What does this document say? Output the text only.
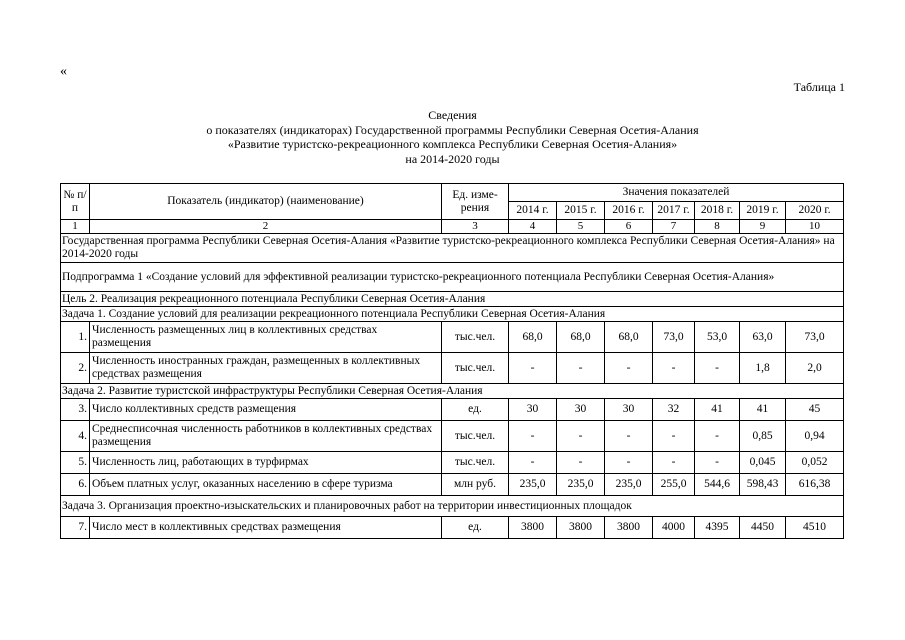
«
Таблица 1
Сведения
о показателях (индикаторах) Государственной программы Республики Северная Осетия-Алания
«Развитие туристско-рекреационного комплекса Республики Северная Осетия-Алания»
на 2014-2020 годы
№ п/п	Показатель (индикатор) (наименование)	Ед. изме-рения	Значения показателей						
			2014 г.	2015 г.	2016 г.	2017 г.	2018 г.	2019 г.	2020 г.
1	2	3	4	5	6	7	8	9	10
Государственная программа Республики Северная Осетия-Алания «Развитие туристско-рекреационного комплекса Республики Северная Осетия-Алания» на 2014-2020 годы									
Подпрограмма 1 «Создание условий для эффективной реализации туристско-рекреационного потенциала Республики Северная Осетия-Алания»									
Цель 2. Реализация рекреационного потенциала Республики Северная Осетия-Алания									
Задача 1. Создание условий для реализации рекреационного потенциала Республики Северная Осетия-Алания									
1.	Численность размещенных лиц в коллективных средствах размещения	тыс.чел.	68,0	68,0	68,0	73,0	53,0	63,0	73,0
2.	Численность иностранных граждан, размещенных в коллективных средствах размещения	тыс.чел.	-	-	-	-	-	1,8	2,0
Задача 2. Развитие туристской инфраструктуры Республики Северная Осетия-Алания									
3.	Число коллективных средств размещения	ед.	30	30	30	32	41	41	45
4.	Среднесписочная численность работников в коллективных средствах размещения	тыс.чел.	-	-	-	-	-	0,85	0,94
5.	Численность лиц, работающих в турфирмах	тыс.чел.	-	-	-	-	-	0,045	0,052
6.	Объем платных услуг, оказанных населению в сфере туризма	млн руб.	235,0	235,0	235,0	255,0	544,6	598,43	616,38
Задача 3. Организация проектно-изыскательских и планировочных работ на территории инвестиционных площадок									
7.	Число мест в коллективных средствах размещения	ед.	3800	3800	3800	4000	4395	4450	4510
